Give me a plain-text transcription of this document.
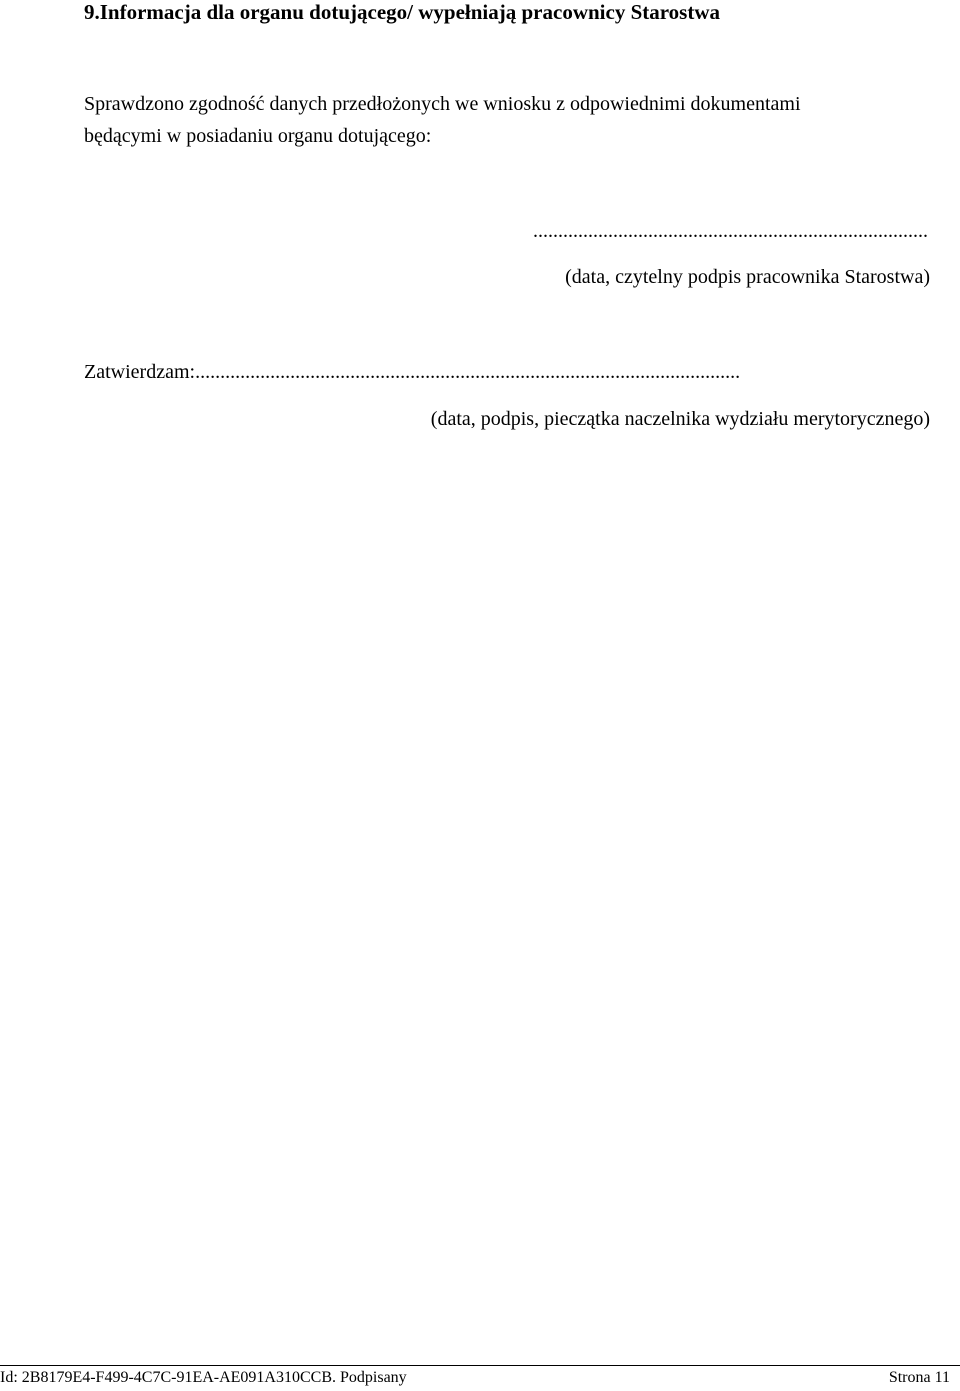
9.Informacja dla organu dotującego/ wypełniają pracownicy Starostwa
Sprawdzono zgodność danych przedłożonych we wniosku z odpowiednimi dokumentami
będącymi w posiadaniu organu dotującego:
...............................................................................
(data, czytelny podpis pracownika Starostwa)
Zatwierdzam:.............................................................................................................
(data, podpis, pieczątka naczelnika wydziału merytorycznego)
Id: 2B8179E4-F499-4C7C-91EA-AE091A310CCB. Podpisany	Strona 11
